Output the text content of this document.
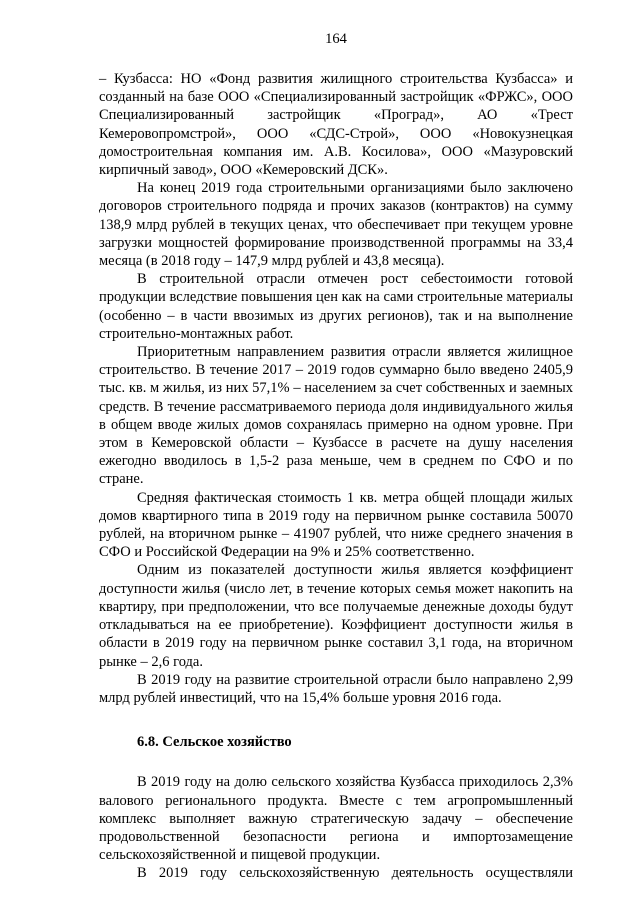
164

– Кузбасса: НО «Фонд развития жилищного строительства Кузбасса» и созданный на базе ООО «Специализированный застройщик «ФРЖС», ООО Специализированный застройщик «Проград», АО «Трест Кемеровопромстрой», ООО «СДС-Строй», ООО «Новокузнецкая домостроительная компания им. А.В. Косилова», ООО «Мазуровский кирпичный завод», ООО «Кемеровский ДСК».

На конец 2019 года строительными организациями было заключено договоров строительного подряда и прочих заказов (контрактов) на сумму 138,9 млрд рублей в текущих ценах, что обеспечивает при текущем уровне загрузки мощностей формирование производственной программы на 33,4 месяца (в 2018 году – 147,9 млрд рублей и 43,8 месяца).

В строительной отрасли отмечен рост себестоимости готовой продукции вследствие повышения цен как на сами строительные материалы (особенно – в части ввозимых из других регионов), так и на выполнение строительно-монтажных работ.

Приоритетным направлением развития отрасли является жилищное строительство. В течение 2017 – 2019 годов суммарно было введено 2405,9 тыс. кв. м жилья, из них 57,1% – населением за счет собственных и заемных средств. В течение рассматриваемого периода доля индивидуального жилья в общем вводе жилых домов сохранялась примерно на одном уровне. При этом в Кемеровской области – Кузбассе в расчете на душу населения ежегодно вводилось в 1,5-2 раза меньше, чем в среднем по СФО и по стране.

Средняя фактическая стоимость 1 кв. метра общей площади жилых домов квартирного типа в 2019 году на первичном рынке составила 50070 рублей, на вторичном рынке – 41907 рублей, что ниже среднего значения в СФО и Российской Федерации на 9% и 25% соответственно.

Одним из показателей доступности жилья является коэффициент доступности жилья (число лет, в течение которых семья может накопить на квартиру, при предположении, что все получаемые денежные доходы будут откладываться на ее приобретение). Коэффициент доступности жилья в области в 2019 году на первичном рынке составил 3,1 года, на вторичном рынке – 2,6 года.

В 2019 году на развитие строительной отрасли было направлено 2,99 млрд рублей инвестиций, что на 15,4% больше уровня 2016 года.

6.8. Сельское хозяйство

В 2019 году на долю сельского хозяйства Кузбасса приходилось 2,3% валового регионального продукта. Вместе с тем агропромышленный комплекс выполняет важную стратегическую задачу – обеспечение продовольственной безопасности региона и импортозамещение сельскохозяйственной и пищевой продукции.

В 2019 году сельскохозяйственную деятельность осуществляли
